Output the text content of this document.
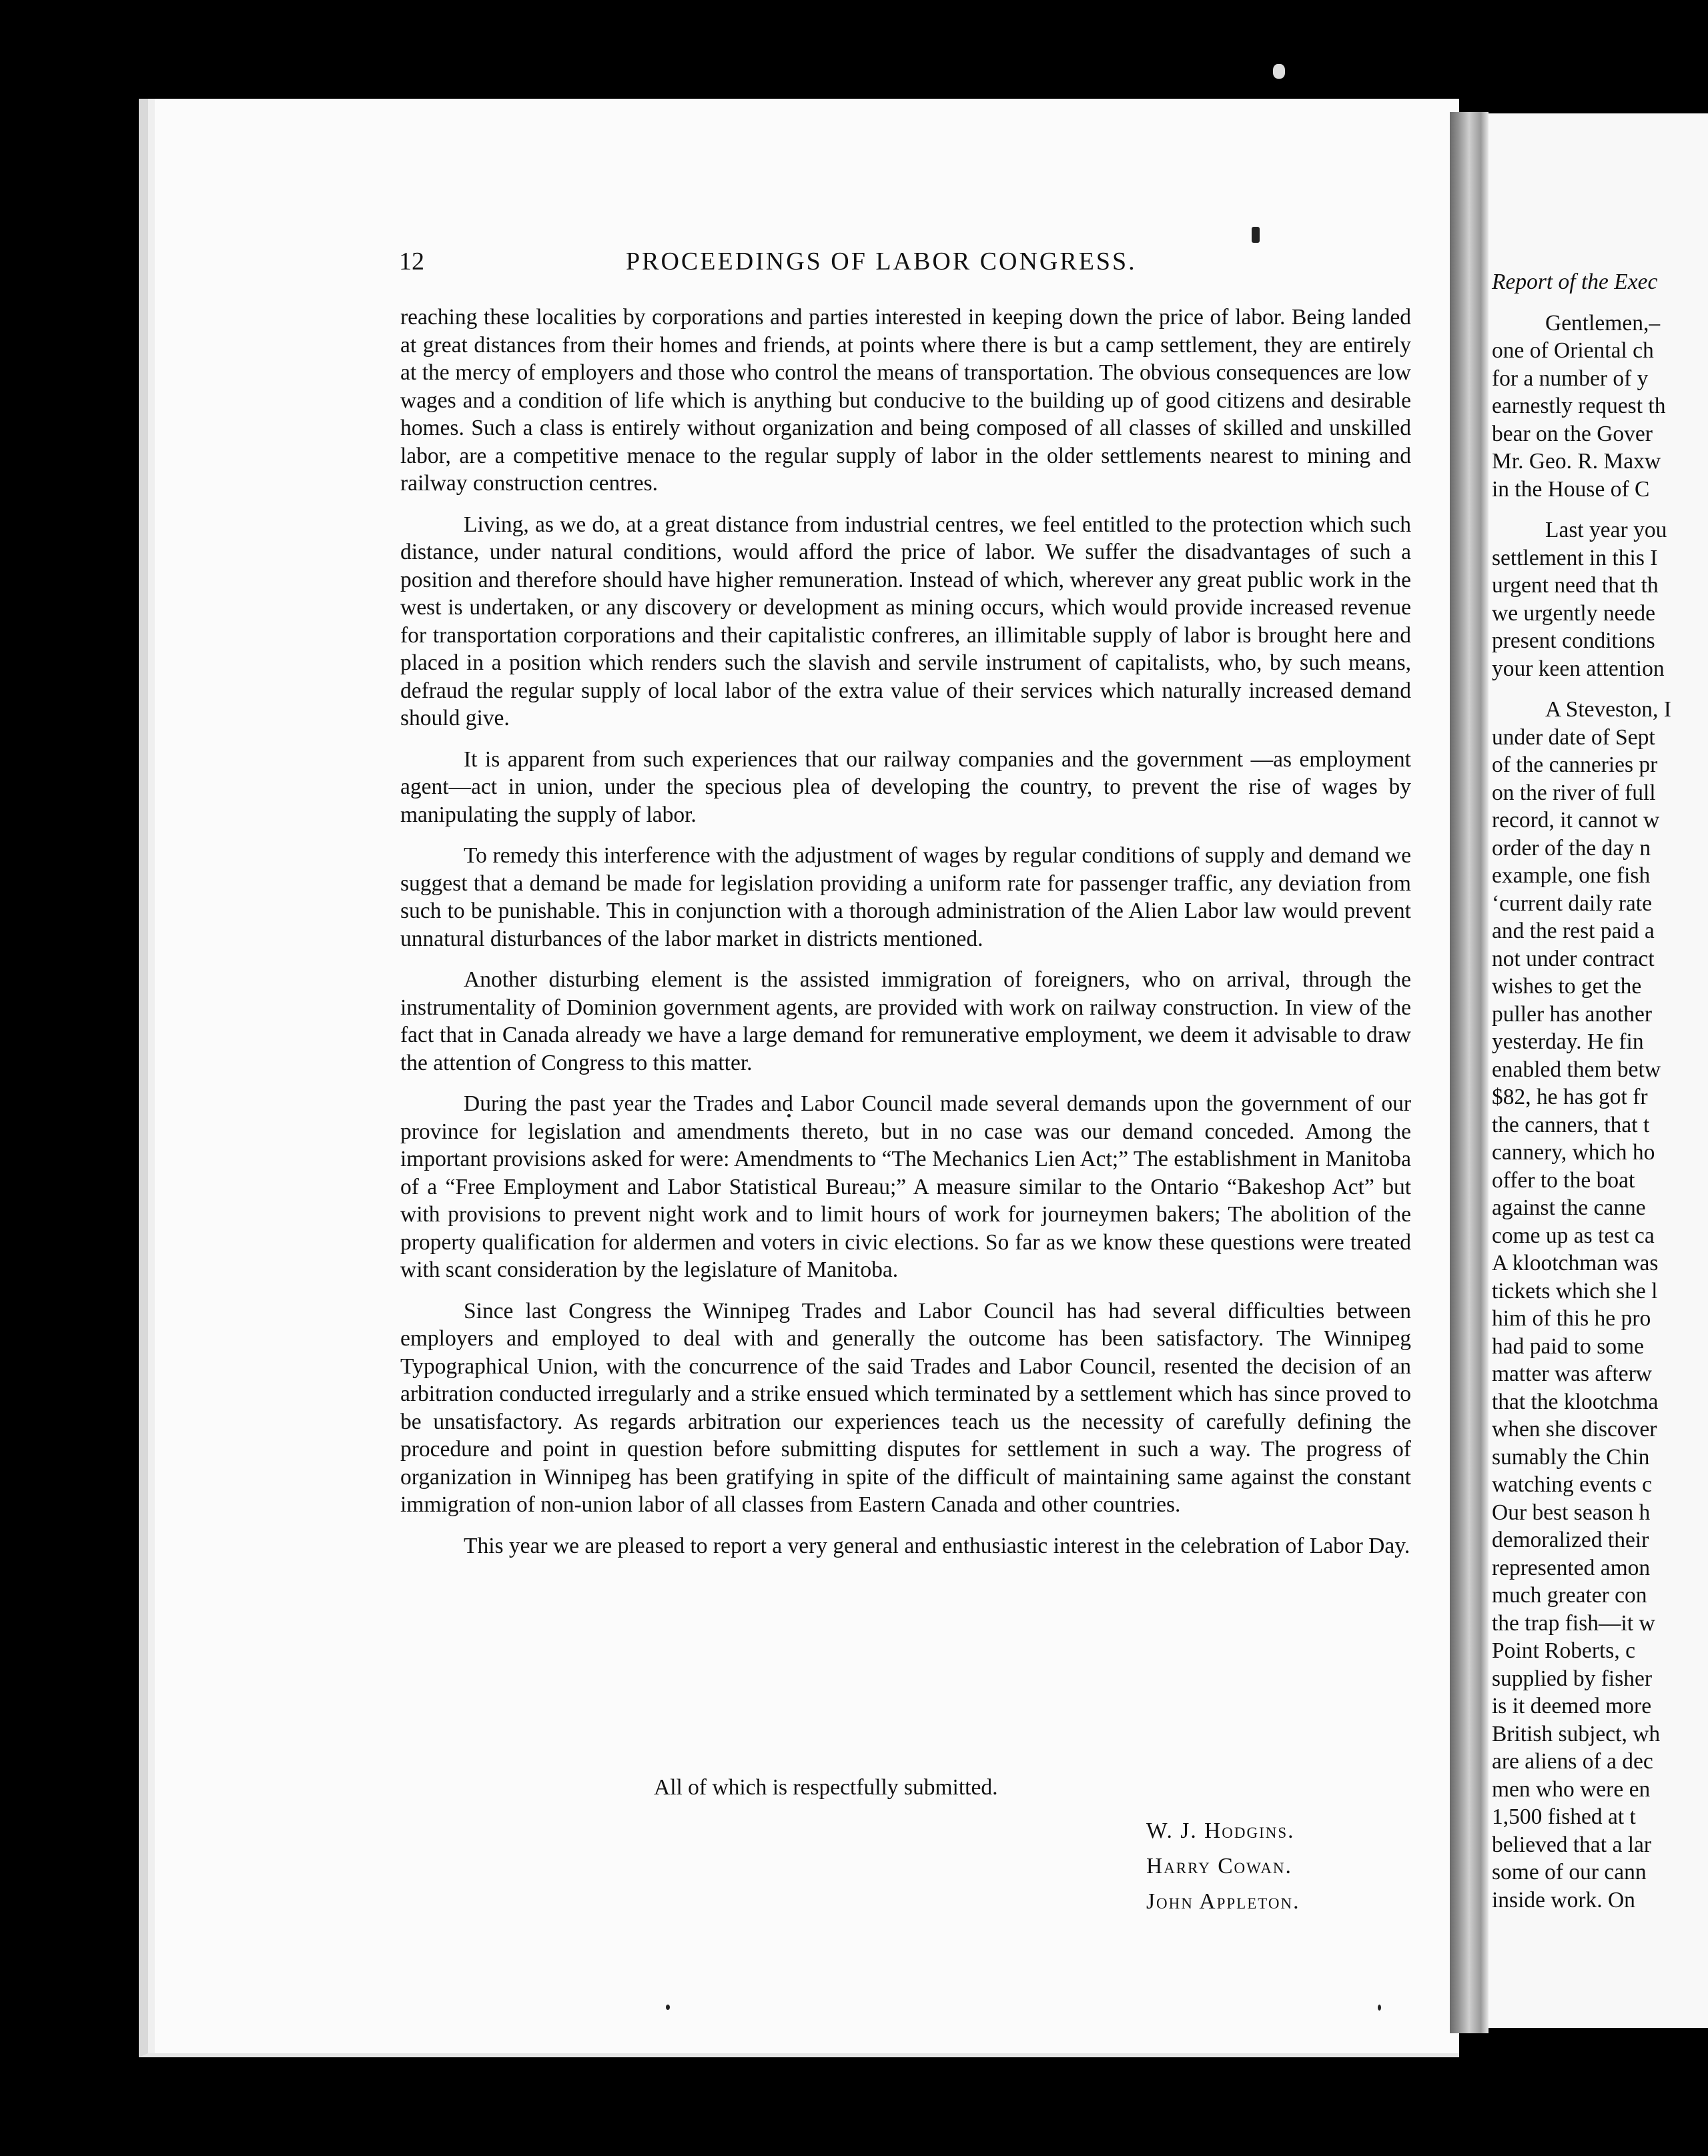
Report of the Exec
Gentlemen,–
one of Oriental ch
for a number of y
earnestly request th
bear on the Gover
Mr. Geo. R. Maxw
in the House of C
Last year you
settlement in this I
urgent need that th
we urgently neede
present conditions
your keen attention
A Steveston, I
under date of Sept
of the canneries pr
on the river of full
record, it cannot w
order of the day n
example, one fish
‘current daily rate
and the rest paid a
not under contract
wishes to get the
puller has another
yesterday. He fin
enabled them betw
$82, he has got fr
the canners, that t
cannery, which ho
offer to the boat
against the canne
come up as test ca
A klootchman was
tickets which she l
him of this he pro
had paid to some
matter was afterw
that the klootchma
when she discover
sumably the Chin
watching events c
Our best season h
demoralized their
represented amon
much greater con
the trap fish—it w
Point Roberts, c
supplied by fisher
is it deemed more
British subject, wh
are aliens of a dec
men who were en
1,500 fished at t
believed that a lar
some of our cann
inside work. On
12	PROCEEDINGS OF LABOR CONGRESS.

reaching these localities by corporations and parties interested in keeping down the price of labor. Being landed at great distances from their homes and friends, at points where there is but a camp settlement, they are entirely at the mercy of employers and those who control the means of transportation. The obvious consequences are low wages and a condition of life which is anything but conducive to the building up of good citizens and desirable homes. Such a class is entirely without organization and being composed of all classes of skilled and unskilled labor, are a competitive menace to the regular supply of labor in the older settlements nearest to mining and railway construction centres.

Living, as we do, at a great distance from industrial centres, we feel entitled to the protection which such distance, under natural conditions, would afford the price of labor. We suffer the disadvantages of such a position and therefore should have higher remuneration. Instead of which, wherever any great public work in the west is undertaken, or any discovery or development as mining occurs, which would provide increased revenue for transportation corporations and their capitalistic confreres, an illimitable supply of labor is brought here and placed in a position which renders such the slavish and servile instrument of capitalists, who, by such means, defraud the regular supply of local labor of the extra value of their services which naturally increased demand should give.

It is apparent from such experiences that our railway companies and the government —as employment agent—act in union, under the specious plea of developing the country, to prevent the rise of wages by manipulating the supply of labor.

To remedy this interference with the adjustment of wages by regular conditions of supply and demand we suggest that a demand be made for legislation providing a uniform rate for passenger traffic, any deviation from such to be punishable. This in conjunction with a thorough administration of the Alien Labor law would prevent unnatural disturbances of the labor market in districts mentioned.

Another disturbing element is the assisted immigration of foreigners, who on arrival, through the instrumentality of Dominion government agents, are provided with work on railway construction. In view of the fact that in Canada already we have a large demand for remunerative employment, we deem it advisable to draw the attention of Congress to this matter.

During the past year the Trades and Labor Council made several demands upon the government of our province for legislation and amendments thereto, but in no case was our demand conceded. Among the important provisions asked for were: Amendments to “The Mechanics Lien Act;” The establishment in Manitoba of a “Free Employment and Labor Statistical Bureau;” A measure similar to the Ontario “Bakeshop Act” but with provisions to prevent night work and to limit hours of work for journeymen bakers; The abolition of the property qualification for aldermen and voters in civic elections. So far as we know these questions were treated with scant consideration by the legislature of Manitoba.

Since last Congress the Winnipeg Trades and Labor Council has had several difficulties between employers and employed to deal with and generally the outcome has been satisfactory. The Winnipeg Typographical Union, with the concurrence of the said Trades and Labor Council, resented the decision of an arbitration conducted irregularly and a strike ensued which terminated by a settlement which has since proved to be unsatisfactory. As regards arbitration our experiences teach us the necessity of carefully defining the procedure and point in question before submitting disputes for settlement in such a way. The progress of organization in Winnipeg has been gratifying in spite of the difficult of maintaining same against the constant immigration of non-union labor of all classes from Eastern Canada and other countries.

This year we are pleased to report a very general and enthusiastic interest in the celebration of Labor Day.

All of which is respectfully submitted.
W. J. Hodgins.
Harry Cowan.
John Appleton.
